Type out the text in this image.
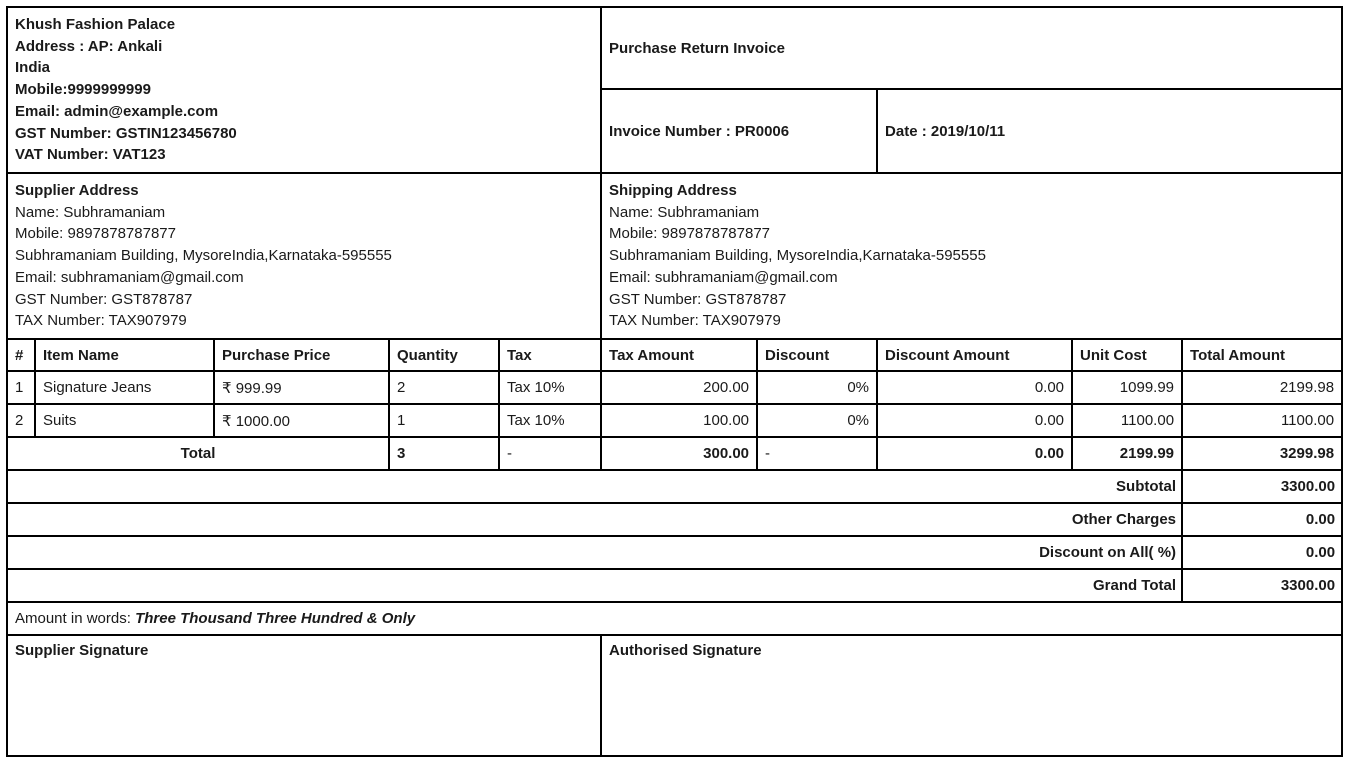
Khush Fashion Palace
Address : AP: Ankali
India
Mobile:9999999999
Email: admin@example.com
GST Number: GSTIN123456780
VAT Number: VAT123
	Purchase Return Invoice
					Invoice Number : PR0006		Date : 2019/10/11		

Supplier Address
Name: Subhramaniam
Mobile: 9897878787877
Subhramaniam Building, MysoreIndia,Karnataka-595555
Email: subhramaniam@gmail.com
GST Number: GST878787
TAX Number: TAX907979

Shipping Address
Name: Subhramaniam
Mobile: 9897878787877
Subhramaniam Building, MysoreIndia,Karnataka-595555
Email: subhramaniam@gmail.com
GST Number: GST878787
TAX Number: TAX907979

#	Item Name	Purchase Price	Quantity	Tax	Tax Amount	Discount	Discount Amount	Unit Cost	Total Amount
1	Signature Jeans	₹ 999.99	2	Tax 10%	200.00	0%	0.00	1099.99	2199.98
2	Suits	₹ 1000.00	1	Tax 10%	100.00	0%	0.00	1100.00	1100.00
Total			3	-	300.00	-	0.00	2199.99	3299.98
Subtotal									3300.00
Other Charges									0.00
Discount on All( %)									0.00
Grand Total									3300.00
Amount in words: Three Thousand Three Hundred & Only									
Supplier Signature					Authorised Signature				
